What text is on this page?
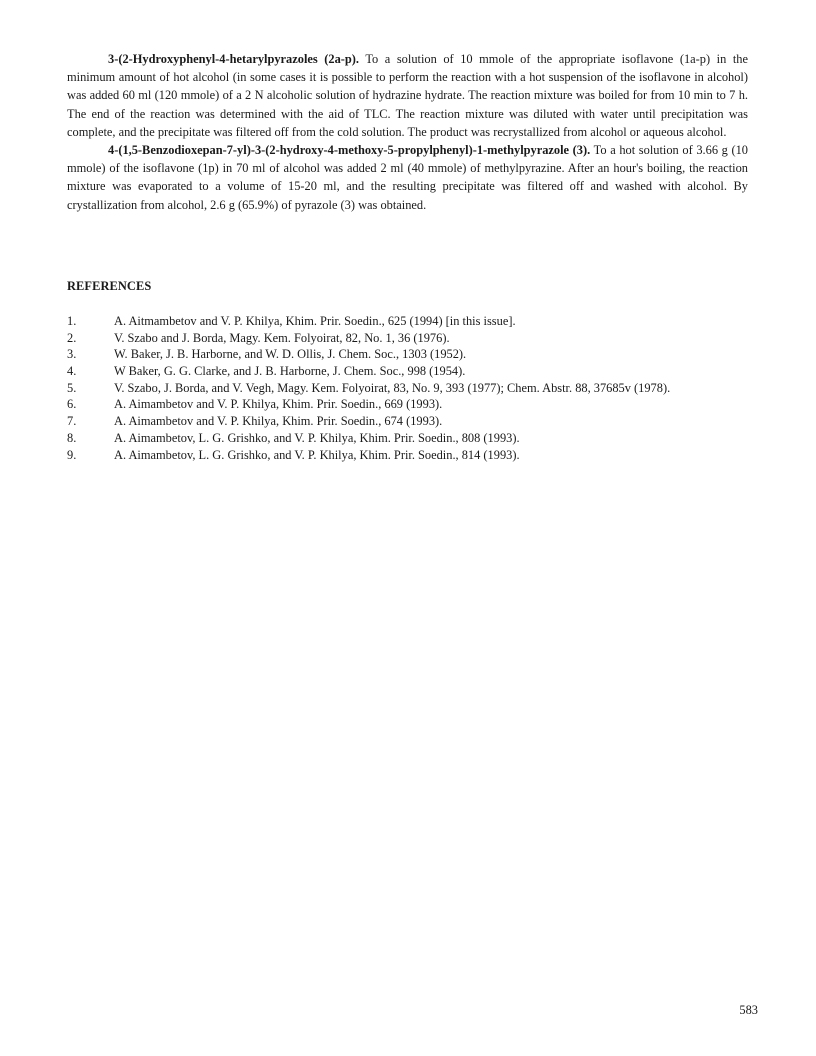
3-(2-Hydroxyphenyl-4-hetarylpyrazoles (2a-p). To a solution of 10 mmole of the appropriate isoflavone (1a-p) in the minimum amount of hot alcohol (in some cases it is possible to perform the reaction with a hot suspension of the isoflavone in alcohol) was added 60 ml (120 mmole) of a 2 N alcoholic solution of hydrazine hydrate. The reaction mixture was boiled for from 10 min to 7 h. The end of the reaction was determined with the aid of TLC. The reaction mixture was diluted with water until precipitation was complete, and the precipitate was filtered off from the cold solution. The product was recrystallized from alcohol or aqueous alcohol.

4-(1,5-Benzodioxepan-7-yl)-3-(2-hydroxy-4-methoxy-5-propylphenyl)-1-methylpyrazole (3). To a hot solution of 3.66 g (10 mmole) of the isoflavone (1p) in 70 ml of alcohol was added 2 ml (40 mmole) of methylpyrazine. After an hour's boiling, the reaction mixture was evaporated to a volume of 15-20 ml, and the resulting precipitate was filtered off and washed with alcohol. By crystallization from alcohol, 2.6 g (65.9%) of pyrazole (3) was obtained.

REFERENCES
1.	A. Aitmambetov and V. P. Khilya, Khim. Prir. Soedin., 625 (1994) [in this issue].
2.	V. Szabo and J. Borda, Magy. Kem. Folyoirat, 82, No. 1, 36 (1976).
3.	W. Baker, J. B. Harborne, and W. D. Ollis, J. Chem. Soc., 1303 (1952).
4.	W Baker, G. G. Clarke, and J. B. Harborne, J. Chem. Soc., 998 (1954).
5.	V. Szabo, J. Borda, and V. Vegh, Magy. Kem. Folyoirat, 83, No. 9, 393 (1977); Chem. Abstr. 88, 37685v (1978).
6.	A. Aimambetov and V. P. Khilya, Khim. Prir. Soedin., 669 (1993).
7.	A. Aimambetov and V. P. Khilya, Khim. Prir. Soedin., 674 (1993).
8.	A. Aimambetov, L. G. Grishko, and V. P. Khilya, Khim. Prir. Soedin., 808 (1993).
9.	A. Aimambetov, L. G. Grishko, and V. P. Khilya, Khim. Prir. Soedin., 814 (1993).
583
